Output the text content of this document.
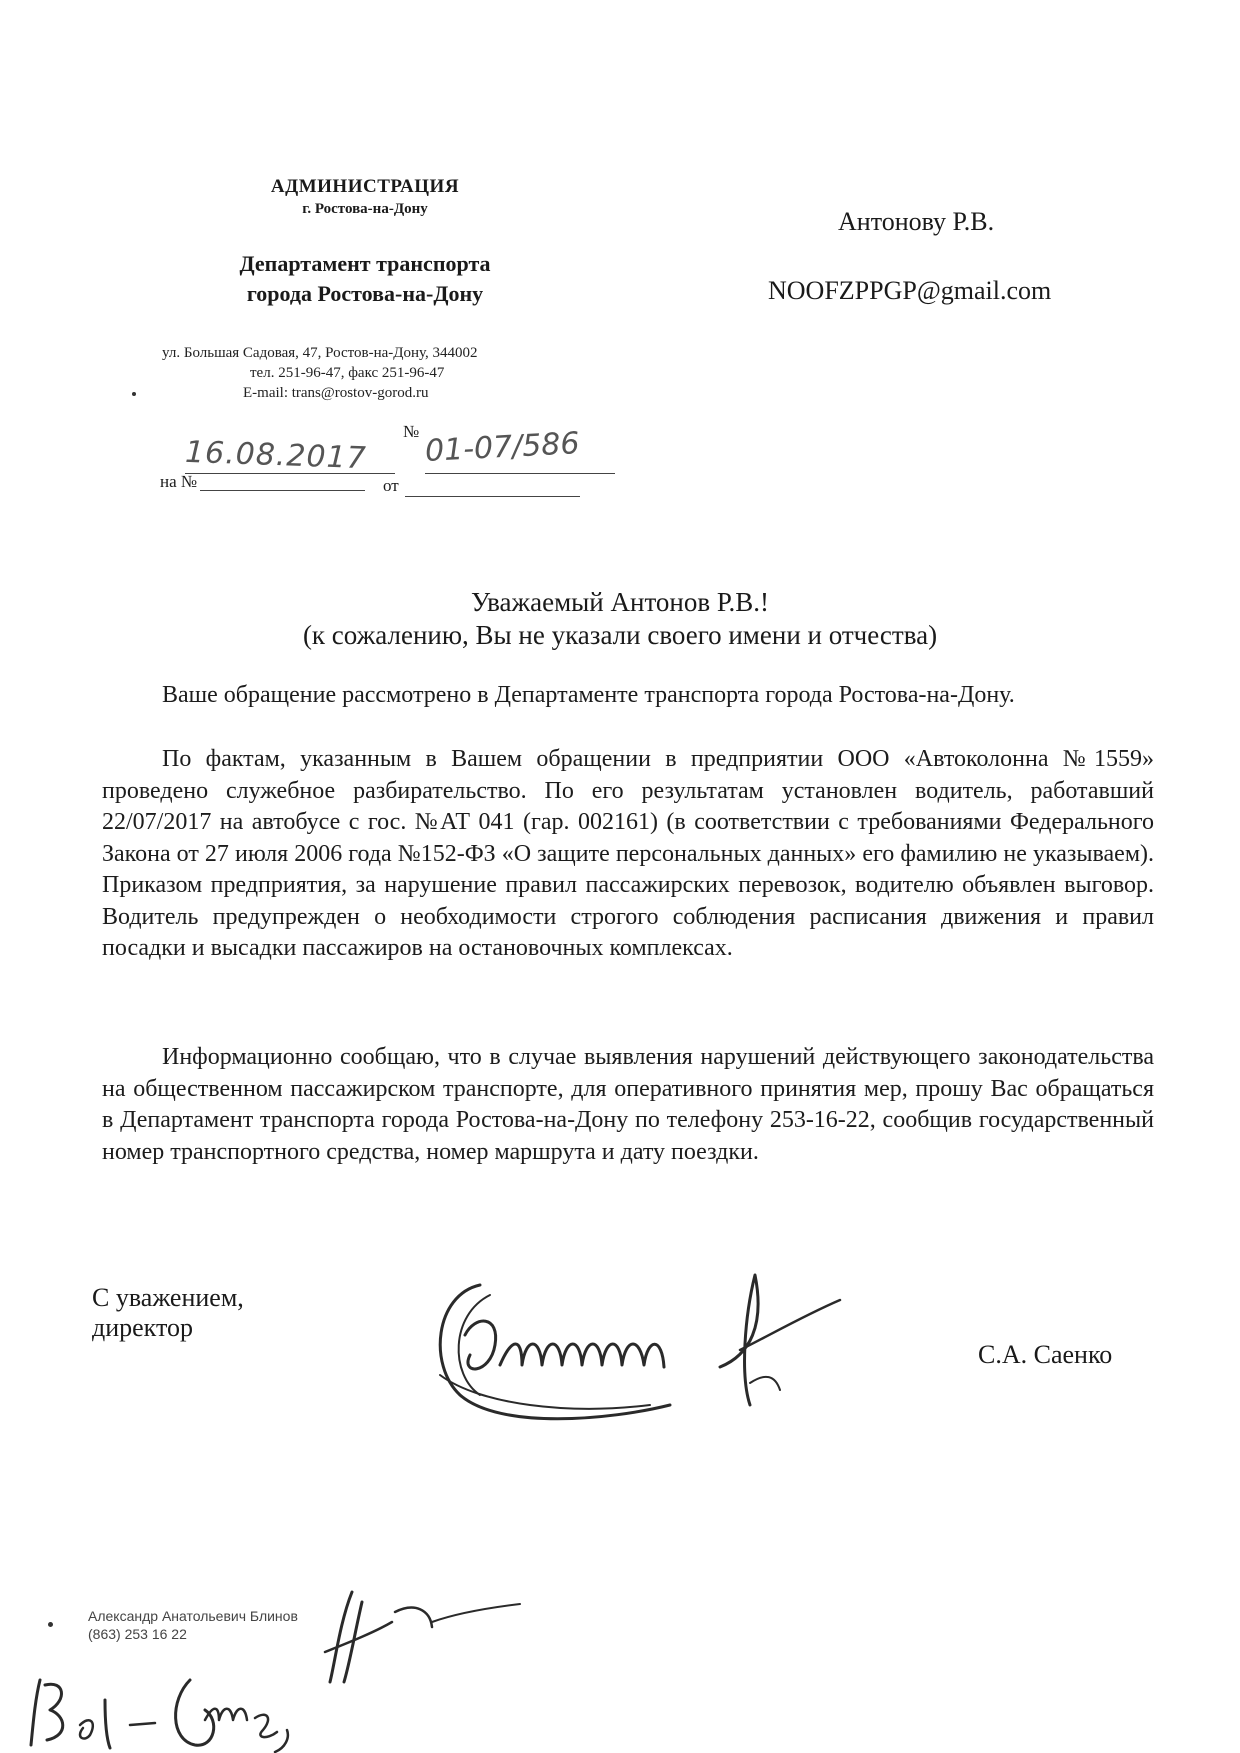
АДМИНИСТРАЦИЯ
г. Ростова-на-Дону
Департамент транспорта
города Ростова-на-Дону
ул. Большая Садовая, 47, Ростов-на-Дону, 344002
тел. 251-96-47, факс 251-96-47
E-mail: trans@rostov-gorod.ru
16.08.2017
№ 01-07/586
на №	от
Антонову Р.В.
NOOFZPPGP@gmail.com
Уважаемый Антонов Р.В.!
(к сожалению, Вы не указали своего имени и отчества)
Ваше обращение рассмотрено в Департаменте транспорта города Ростова-на-Дону.
По фактам, указанным в Вашем обращении в предприятии ООО «Автоколонна №1559» проведено служебное разбирательство. По его результатам установлен водитель, работавший 22/07/2017 на автобусе с гос. №АТ 041 (гар. 002161) (в соответствии с требованиями Федерального Закона от 27 июля 2006 года №152-ФЗ «О защите персональных данных» его фамилию не указываем). Приказом предприятия, за нарушение правил пассажирских перевозок, водителю объявлен выговор. Водитель предупрежден о необходимости строгого соблюдения расписания движения и правил посадки и высадки пассажиров на остановочных комплексах.
Информационно сообщаю, что в случае выявления нарушений действующего законодательства на общественном пассажирском транспорте, для оперативного принятия мер, прошу Вас обращаться в Департамент транспорта города Ростова-на-Дону по телефону 253-16-22, сообщив государственный номер транспортного средства, номер маршрута и дату поездки.
С уважением,
директор
С.А. Саенко
Александр Анатольевич Блинов
(863) 253 16 22
